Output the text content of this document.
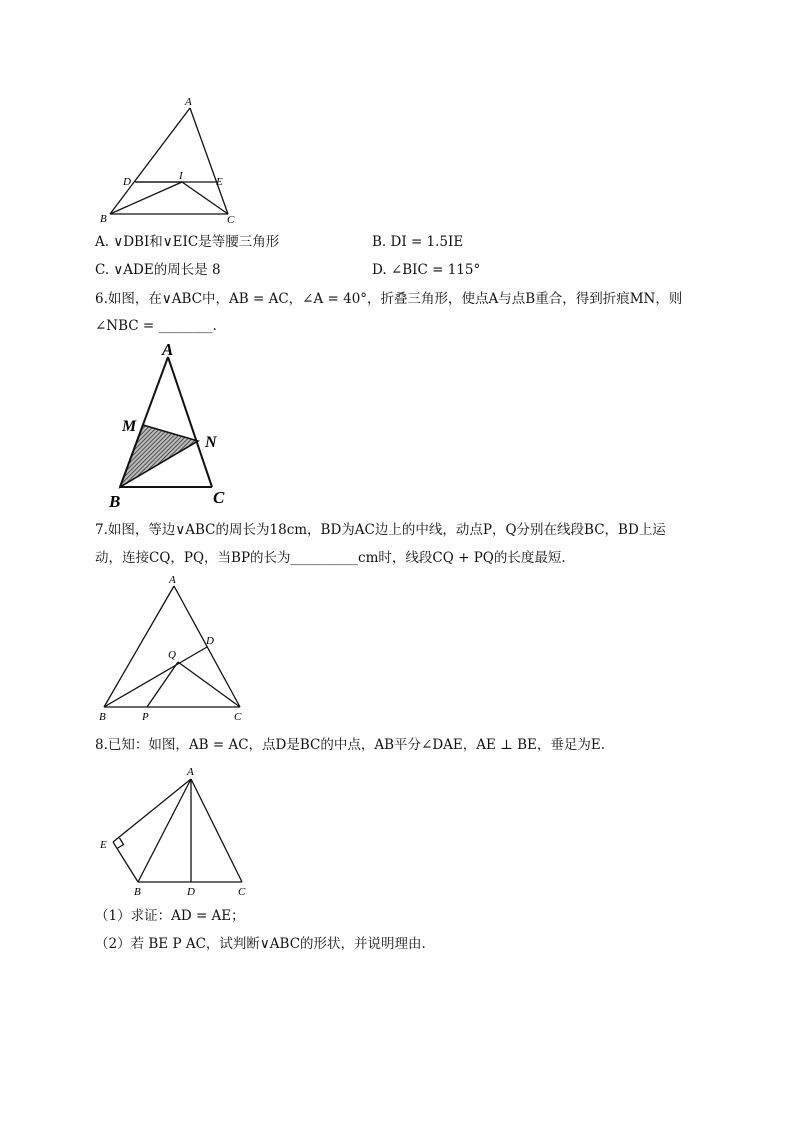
A
D	I	E
B	C
A. ∨DBI和∨EIC是等腰三角形	B. DI = 1.5IE
C. ∨ADE的周长是 8	D. ∠BIC = 115°
6.如图，在∨ABC中，AB = AC，∠A = 40°，折叠三角形，使点A与点B重合，得到折痕MN，则
∠NBC = ________.
A
M
N
B	C
7.如图，等边∨ABC的周长为18cm，BD为AC边上的中线，动点P，Q分别在线段BC，BD上运
动，连接CQ，PQ，当BP的长为__________cm时，线段CQ + PQ的长度最短.
A
D
Q
B	P	C
8.已知：如图，AB = AC，点D是BC的中点，AB平分∠DAE，AE ⊥ BE，垂足为E.
A
E
B	D	C
（1）求证：AD = AE；
（2）若 BE P AC，试判断∨ABC的形状，并说明理由.
